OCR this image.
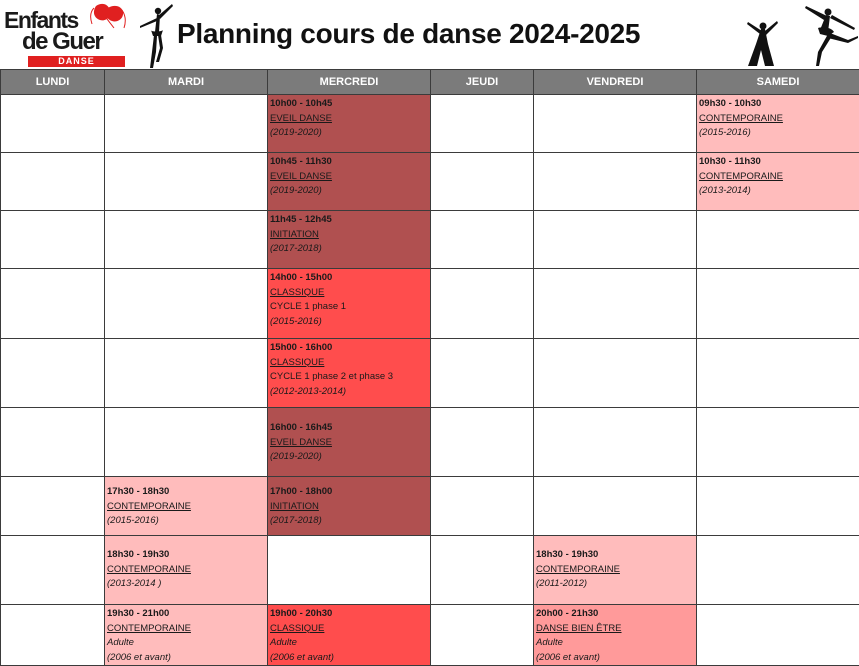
Enfants
de Guer
DANSE
Planning cours de danse 2024-2025
LUNDI	MARDI	MERCREDI	JEUDI	VENDREDI	SAMEDI

		10h00 - 10h45
EVEIL DANSE
(2019-2020)			09h30 - 10h30
CONTEMPORAINE
(2015-2016)

		10h45 - 11h30
EVEIL DANSE
(2019-2020)			10h30 - 11h30
CONTEMPORAINE
(2013-2014)

		11h45 - 12h45
INITIATION
(2017-2018)			

		14h00 - 15h00
CLASSIQUE
CYCLE 1 phase 1
(2015-2016)			

		15h00 - 16h00
CLASSIQUE
CYCLE 1 phase 2 et phase 3
(2012-2013-2014)			

		16h00 - 16h45
EVEIL DANSE
(2019-2020)			

	17h30 - 18h30
CONTEMPORAINE
(2015-2016)	17h00 - 18h00
INITIATION
(2017-2018)			

	18h30 - 19h30
CONTEMPORAINE
(2013-2014 )			18h30 - 19h30
CONTEMPORAINE
(2011-2012)	

	19h30 - 21h00
CONTEMPORAINE
Adulte
(2006 et avant)	19h00 - 20h30
CLASSIQUE
Adulte
(2006 et avant)		20h00 - 21h30
DANSE BIEN ÊTRE
Adulte
(2006 et avant)	
